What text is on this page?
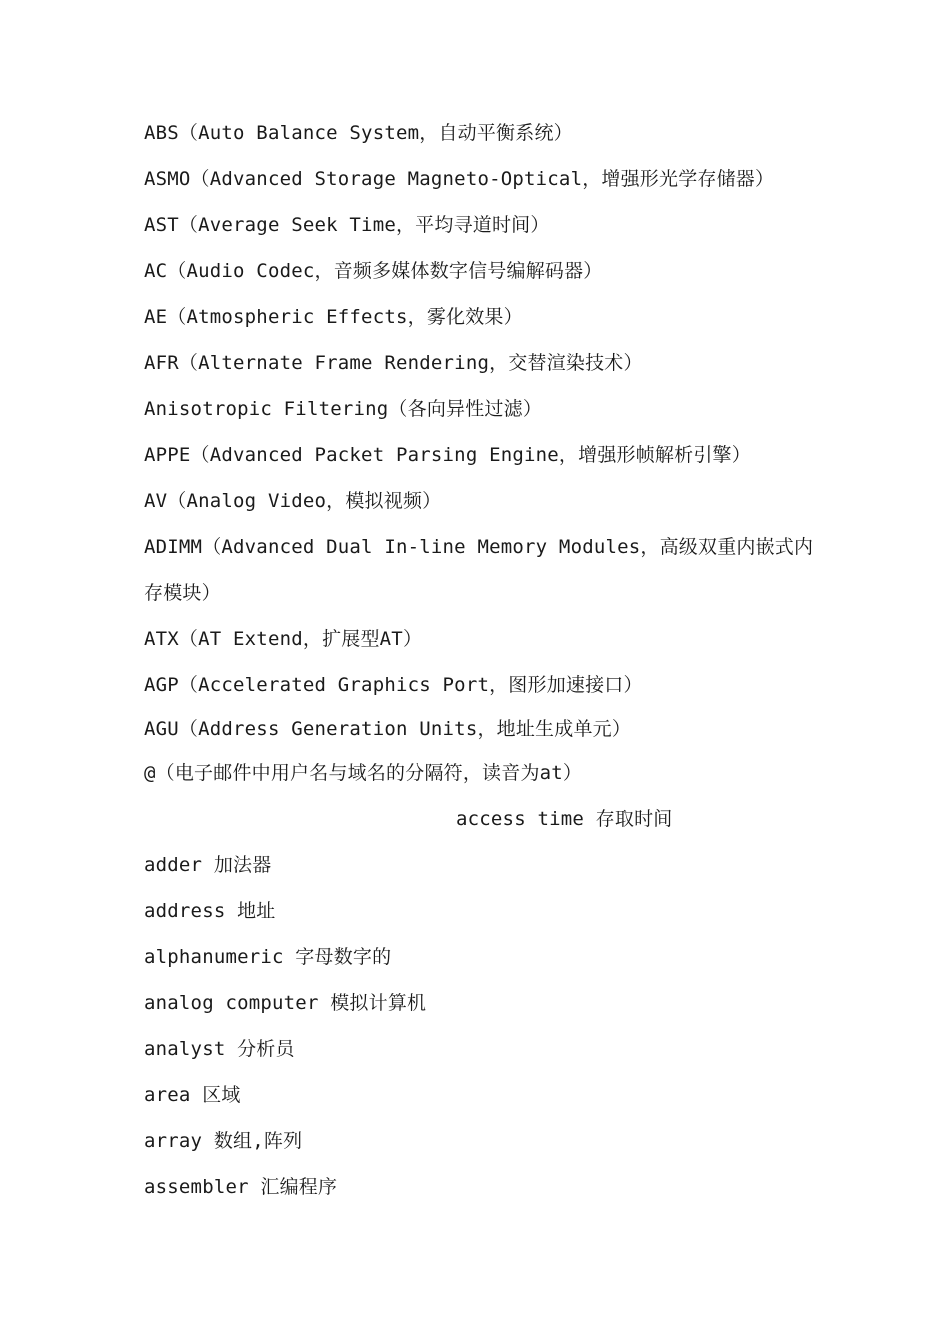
ABS（Auto Balance System，自动平衡系统）
ASMO（Advanced Storage Magneto-Optical，增强形光学存储器）
AST（Average Seek Time，平均寻道时间）
AC（Audio Codec，音频多媒体数字信号编解码器）
AE（Atmospheric Effects，雾化效果）
AFR（Alternate Frame Rendering，交替渲染技术）
Anisotropic Filtering（各向异性过滤）
APPE（Advanced Packet Parsing Engine，增强形帧解析引擎）
AV（Analog Video，模拟视频）
ADIMM（Advanced Dual In-line Memory Modules，高级双重内嵌式内存模块）
ATX（AT Extend，扩展型AT）
AGP（Accelerated Graphics Port，图形加速接口）
AGU（Address Generation Units，地址生成单元）
@（电子邮件中用户名与域名的分隔符，读音为at）
access time 存取时间
adder 加法器
address 地址
alphanumeric 字母数字的
analog computer 模拟计算机
analyst 分析员
area 区域
array 数组,阵列
assembler 汇编程序
